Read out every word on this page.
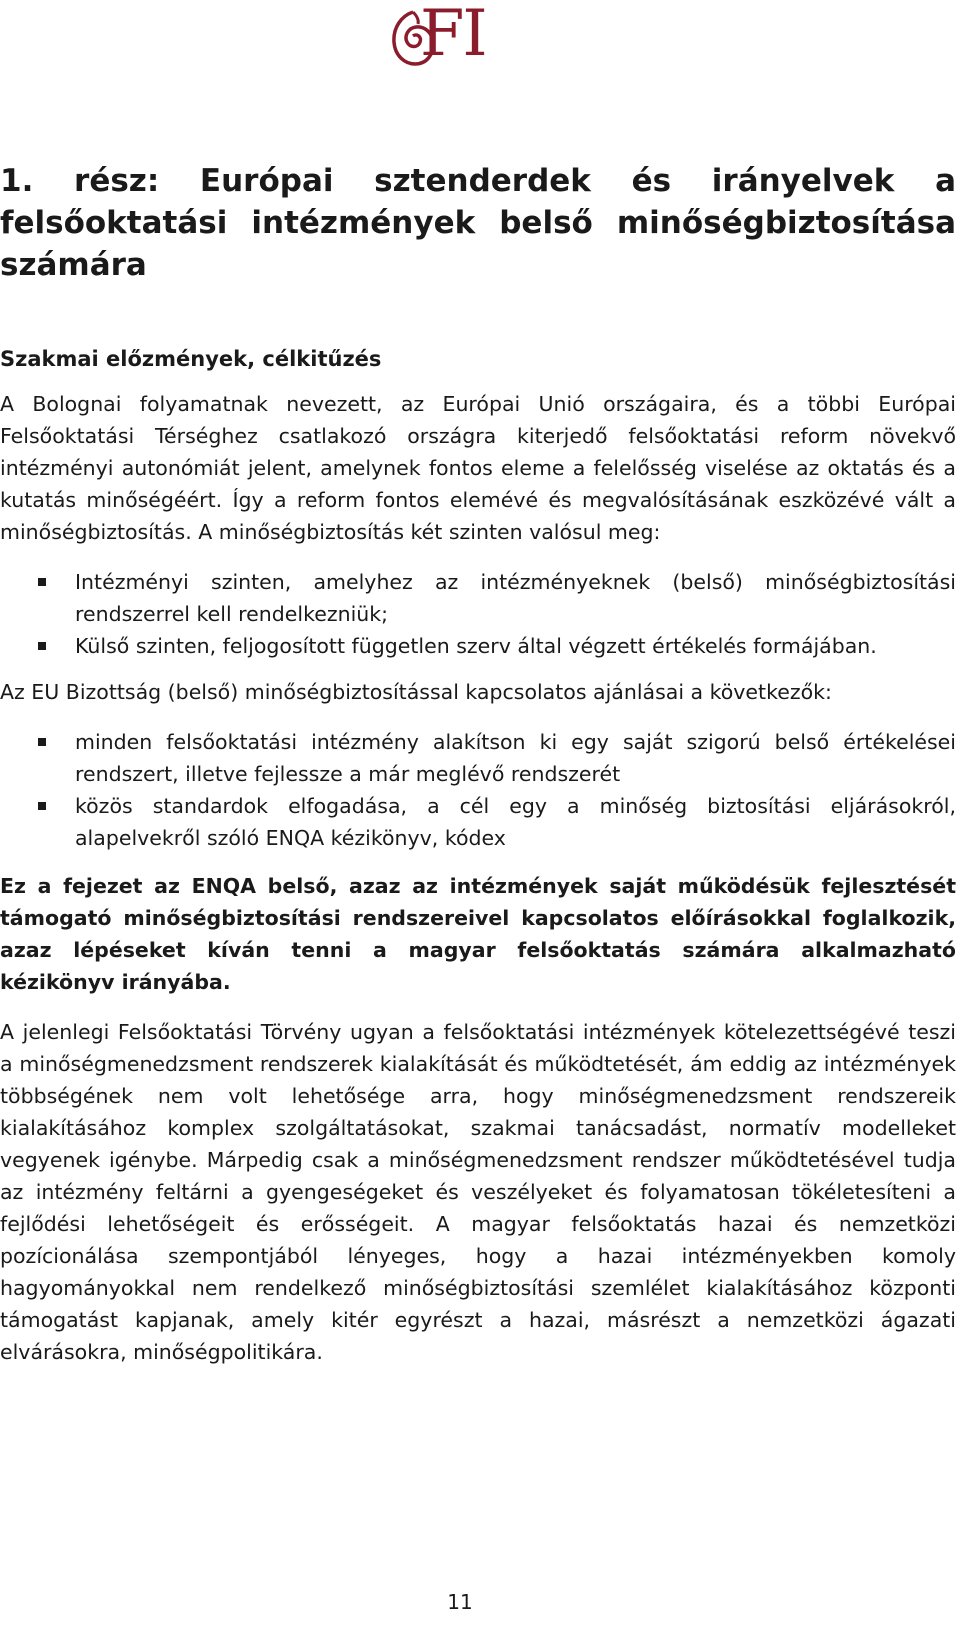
FI
1. rész: Európai sztenderdek és irányelvek a felsőoktatási intézmények belső minőségbiztosítása számára
Szakmai előzmények, célkitűzés

A Bolognai folyamatnak nevezett, az Európai Unió országaira, és a többi Európai Felsőoktatási Térséghez csatlakozó országra kiterjedő felsőoktatási reform növekvő intézményi autonómiát jelent, amelynek fontos eleme a felelősség viselése az oktatás és a kutatás minőségéért. Így a reform fontos elemévé és megvalósításának eszközévé vált a minőségbiztosítás. A minőségbiztosítás két szinten valósul meg:

Intézményi szinten, amelyhez az intézményeknek (belső) minőségbiztosítási rendszerrel kell rendelkezniük;
Külső szinten, feljogosított független szerv által végzett értékelés formájában.

Az EU Bizottság (belső) minőségbiztosítással kapcsolatos ajánlásai a következők:

minden felsőoktatási intézmény alakítson ki egy saját szigorú belső értékelései rendszert, illetve fejlessze a már meglévő rendszerét
közös standardok elfogadása, a cél egy a minőség biztosítási eljárásokról, alapelvekről szóló ENQA kézikönyv, kódex

Ez a fejezet az ENQA belső, azaz az intézmények saját működésük fejlesztését támogató minőségbiztosítási rendszereivel kapcsolatos előírásokkal foglalkozik, azaz lépéseket kíván tenni a magyar felsőoktatás számára alkalmazható kézikönyv irányába.

A jelenlegi Felsőoktatási Törvény ugyan a felsőoktatási intézmények kötelezettségévé teszi a minőségmenedzsment rendszerek kialakítását és működtetését, ám eddig az intézmények többségének nem volt lehetősége arra, hogy minőségmenedzsment rendszereik kialakításához komplex szolgáltatásokat, szakmai tanácsadást, normatív modelleket vegyenek igénybe. Márpedig csak a minőségmenedzsment rendszer működtetésével tudja az intézmény feltárni a gyengeségeket és veszélyeket és folyamatosan tökéletesíteni a fejlődési lehetőségeit és erősségeit. A magyar felsőoktatás hazai és nemzetközi pozícionálása szempontjából lényeges, hogy a hazai intézményekben komoly hagyományokkal nem rendelkező minőségbiztosítási szemlélet kialakításához központi támogatást kapjanak, amely kitér egyrészt a hazai, másrészt a nemzetközi ágazati elvárásokra, minőségpolitikára.

11
